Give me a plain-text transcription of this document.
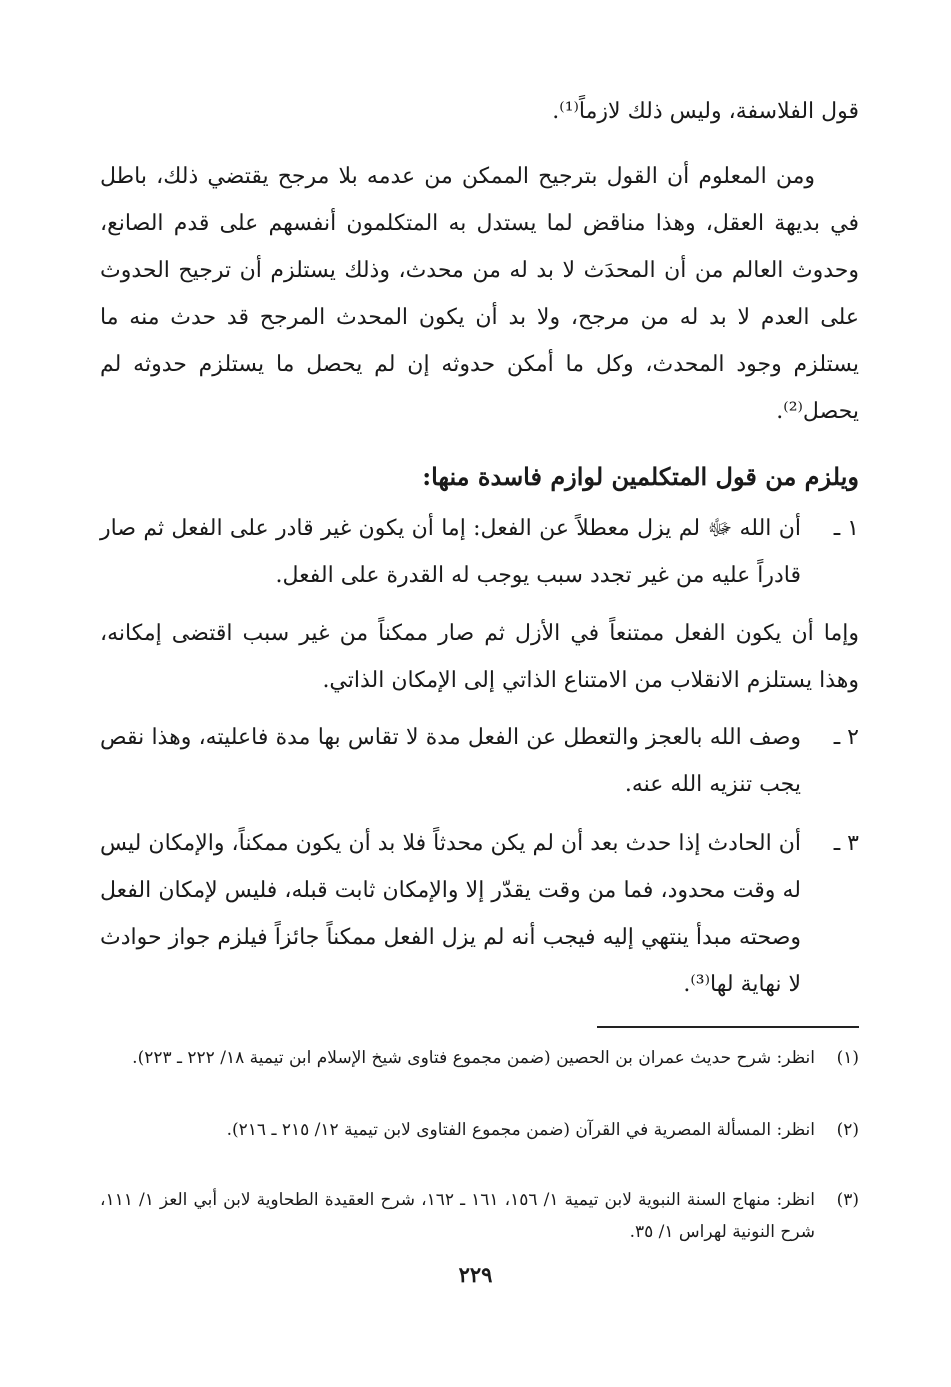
قول الفلاسفة، وليس ذلك لازماً⁽¹⁾.

ومن المعلوم أن القول بترجيح الممكن من عدمه بلا مرجح يقتضي ذلك، باطل في بديهة العقل، وهذا مناقض لما يستدل به المتكلمون أنفسهم على قدم الصانع، وحدوث العالم من أن المحدَث لا بد له من محدث، وذلك يستلزم أن ترجيح الحدوث على العدم لا بد له من مرجح، ولا بد أن يكون المحدث المرجح قد حدث منه ما يستلزم وجود المحدث، وكل ما أمكن حدوثه إن لم يحصل ما يستلزم حدوثه لم يحصل⁽²⁾.

ويلزم من قول المتكلمين لوازم فاسدة منها:
١ ـ
أن الله ﷻ لم يزل معطلاً عن الفعل: إما أن يكون غير قادر على الفعل ثم صار قادراً عليه من غير تجدد سبب يوجب له القدرة على الفعل.
وإما أن يكون الفعل ممتنعاً في الأزل ثم صار ممكناً من غير سبب اقتضى إمكانه، وهذا يستلزم الانقلاب من الامتناع الذاتي إلى الإمكان الذاتي.
٢ ـ
وصف الله بالعجز والتعطل عن الفعل مدة لا تقاس بها مدة فاعليته، وهذا نقص يجب تنزيه الله عنه.
٣ ـ
أن الحادث إذا حدث بعد أن لم يكن محدثاً فلا بد أن يكون ممكناً، والإمكان ليس له وقت محدود، فما من وقت يقدّر إلا والإمكان ثابت قبله، فليس لإمكان الفعل وصحته مبدأ ينتهي إليه فيجب أنه لم يزل الفعل ممكناً جائزاً فيلزم جواز حوادث لا نهاية لها⁽³⁾.
(١)
انظر: شرح حديث عمران بن الحصين (ضمن مجموع فتاوى شيخ الإسلام ابن تيمية ١٨/ ٢٢٢ ـ ٢٢٣).
(٢)
انظر: المسألة المصرية في القرآن (ضمن مجموع الفتاوى لابن تيمية ١٢/ ٢١٥ ـ ٢١٦).
(٣)
انظر: منهاج السنة النبوية لابن تيمية ١/ ١٥٦، ١٦١ ـ ١٦٢، شرح العقيدة الطحاوية لابن أبي العز ١/ ١١١، شرح النونية لهراس ١/ ٣٥.
٢٢٩
